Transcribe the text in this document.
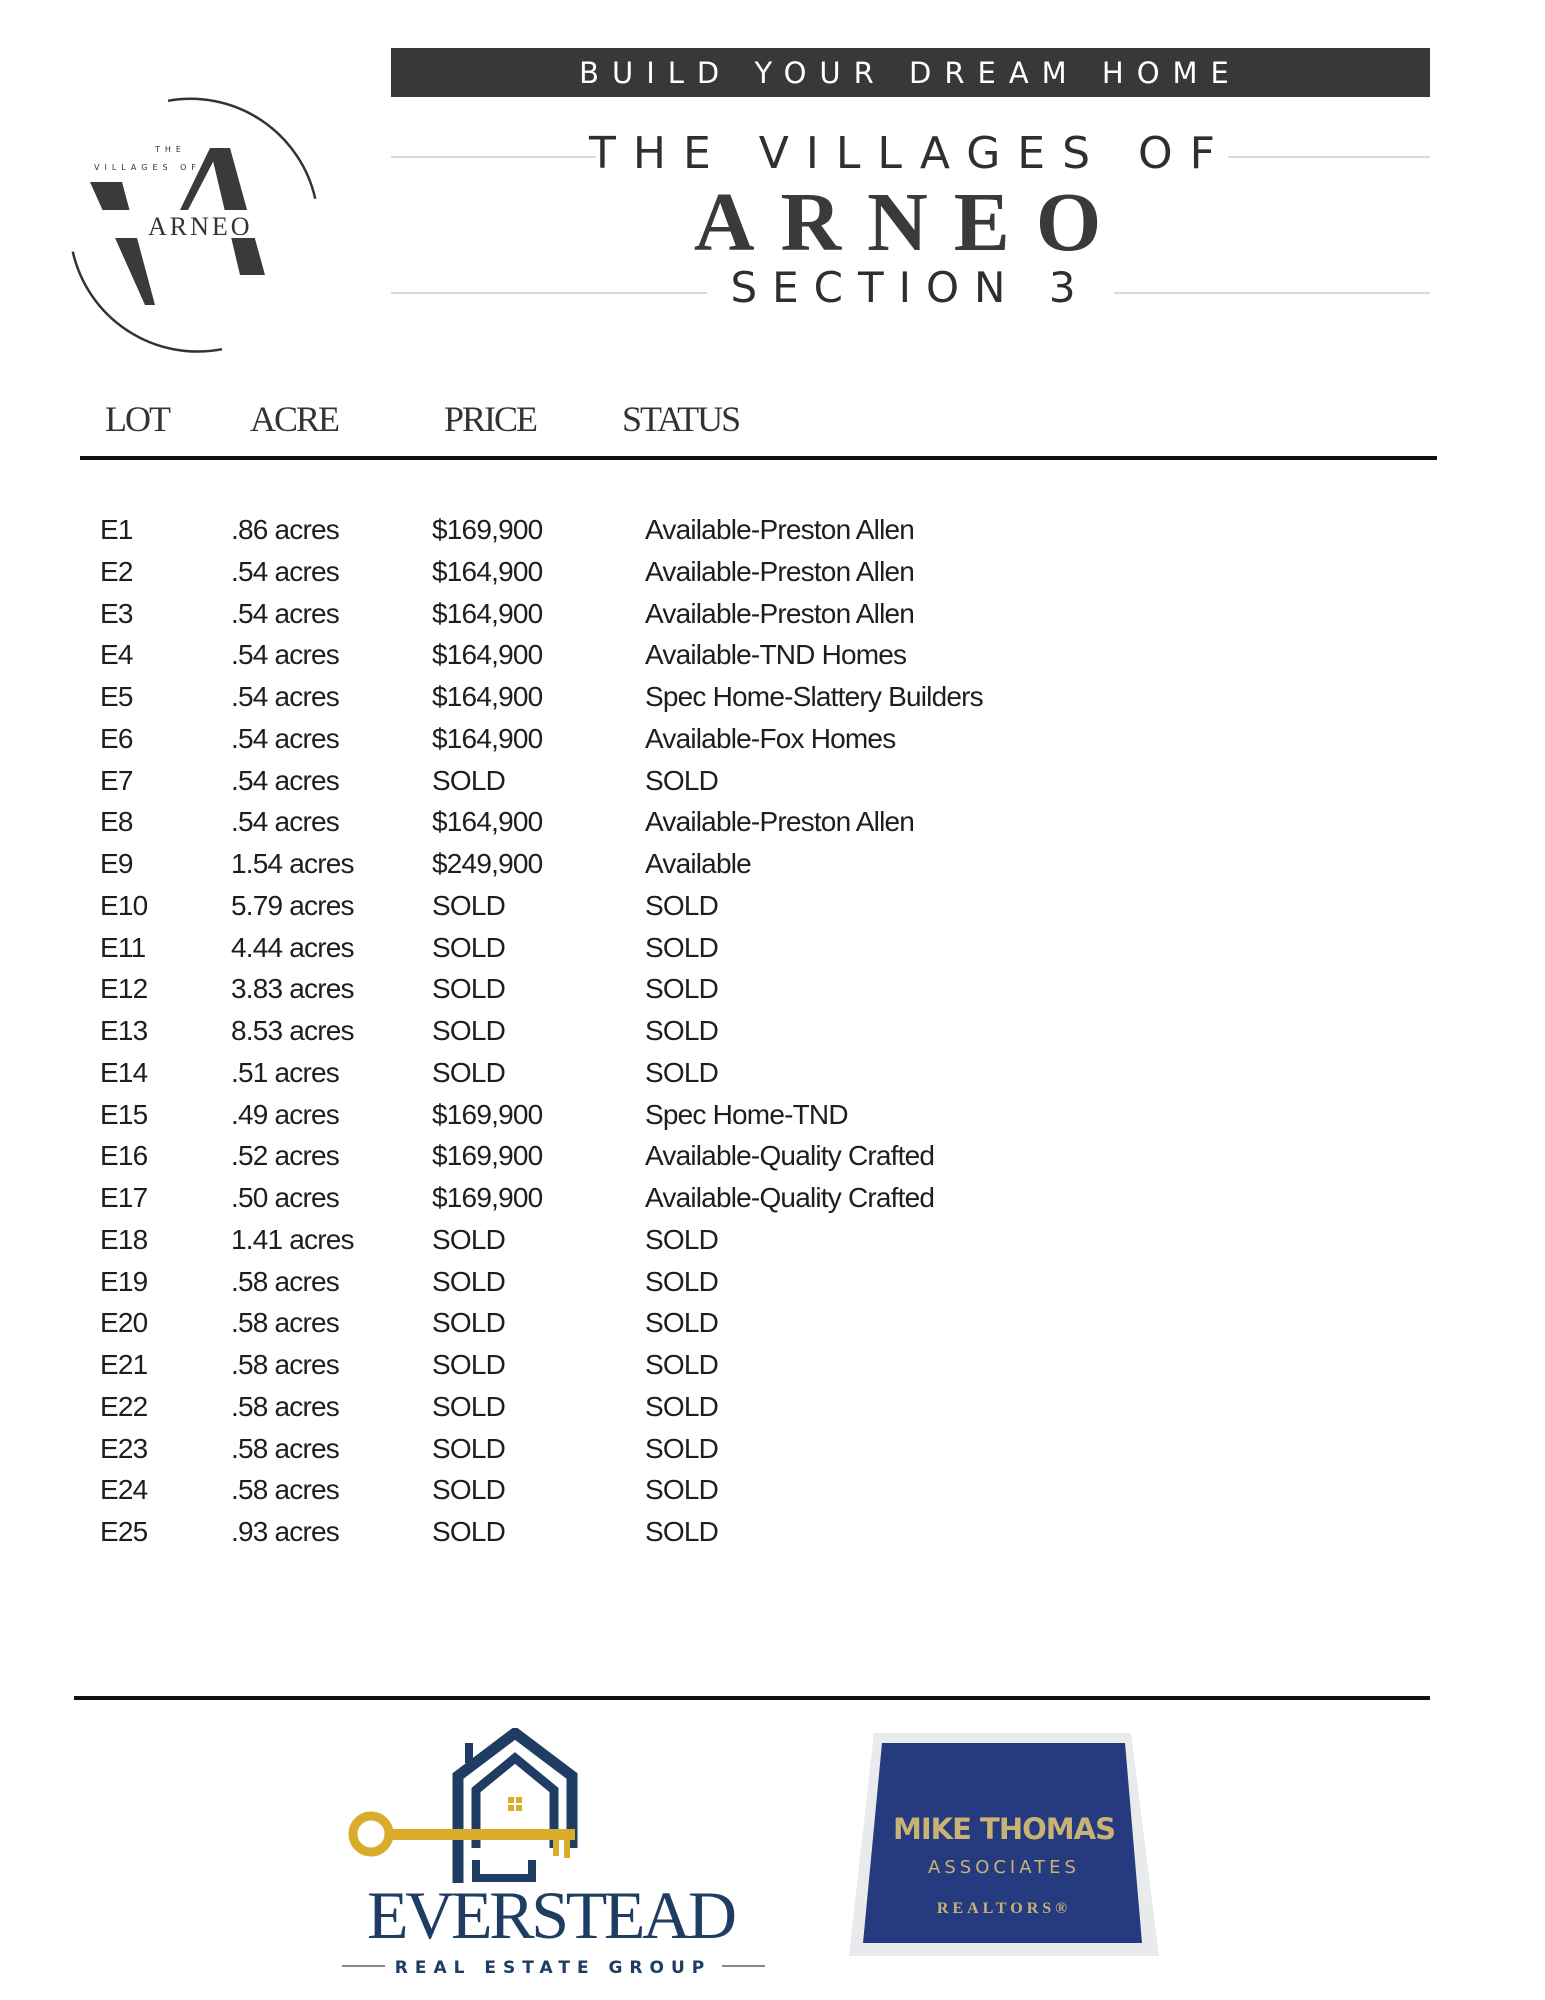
THE
VILLAGES OF
ARNEO
BUILD YOUR DREAM HOME
THE VILLAGES OF
ARNEO
SECTION 3
LOT ACRE	PRICE STATUS
E1	.86 acres	$169,900	Available-Preston Allen
E2	.54 acres	$164,900	Available-Preston Allen
E3	.54 acres	$164,900	Available-Preston Allen
E4	.54 acres	$164,900	Available-TND Homes
E5	.54 acres	$164,900	Spec Home-Slattery Builders
E6	.54 acres	$164,900	Available-Fox Homes
E7	.54 acres	SOLD	SOLD
E8	.54 acres	$164,900	Available-Preston Allen
E9	1.54 acres	$249,900	Available
E10	5.79 acres	SOLD	SOLD
E11	4.44 acres	SOLD	SOLD
E12	3.83 acres	SOLD	SOLD
E13	8.53 acres	SOLD	SOLD
E14	.51 acres	SOLD	SOLD
E15	.49 acres	$169,900	Spec Home-TND
E16	.52 acres	$169,900	Available-Quality Crafted
E17	.50 acres	$169,900	Available-Quality Crafted
E18	1.41 acres	SOLD	SOLD
E19	.58 acres	SOLD	SOLD
E20	.58 acres	SOLD	SOLD
E21	.58 acres	SOLD	SOLD
E22	.58 acres	SOLD	SOLD
E23	.58 acres	SOLD	SOLD
E24	.58 acres	SOLD	SOLD
E25	.93 acres	SOLD	SOLD
EVERSTEAD
REAL ESTATE GROUP
MIKE THOMAS
ASSOCIATES
REALTORS®
